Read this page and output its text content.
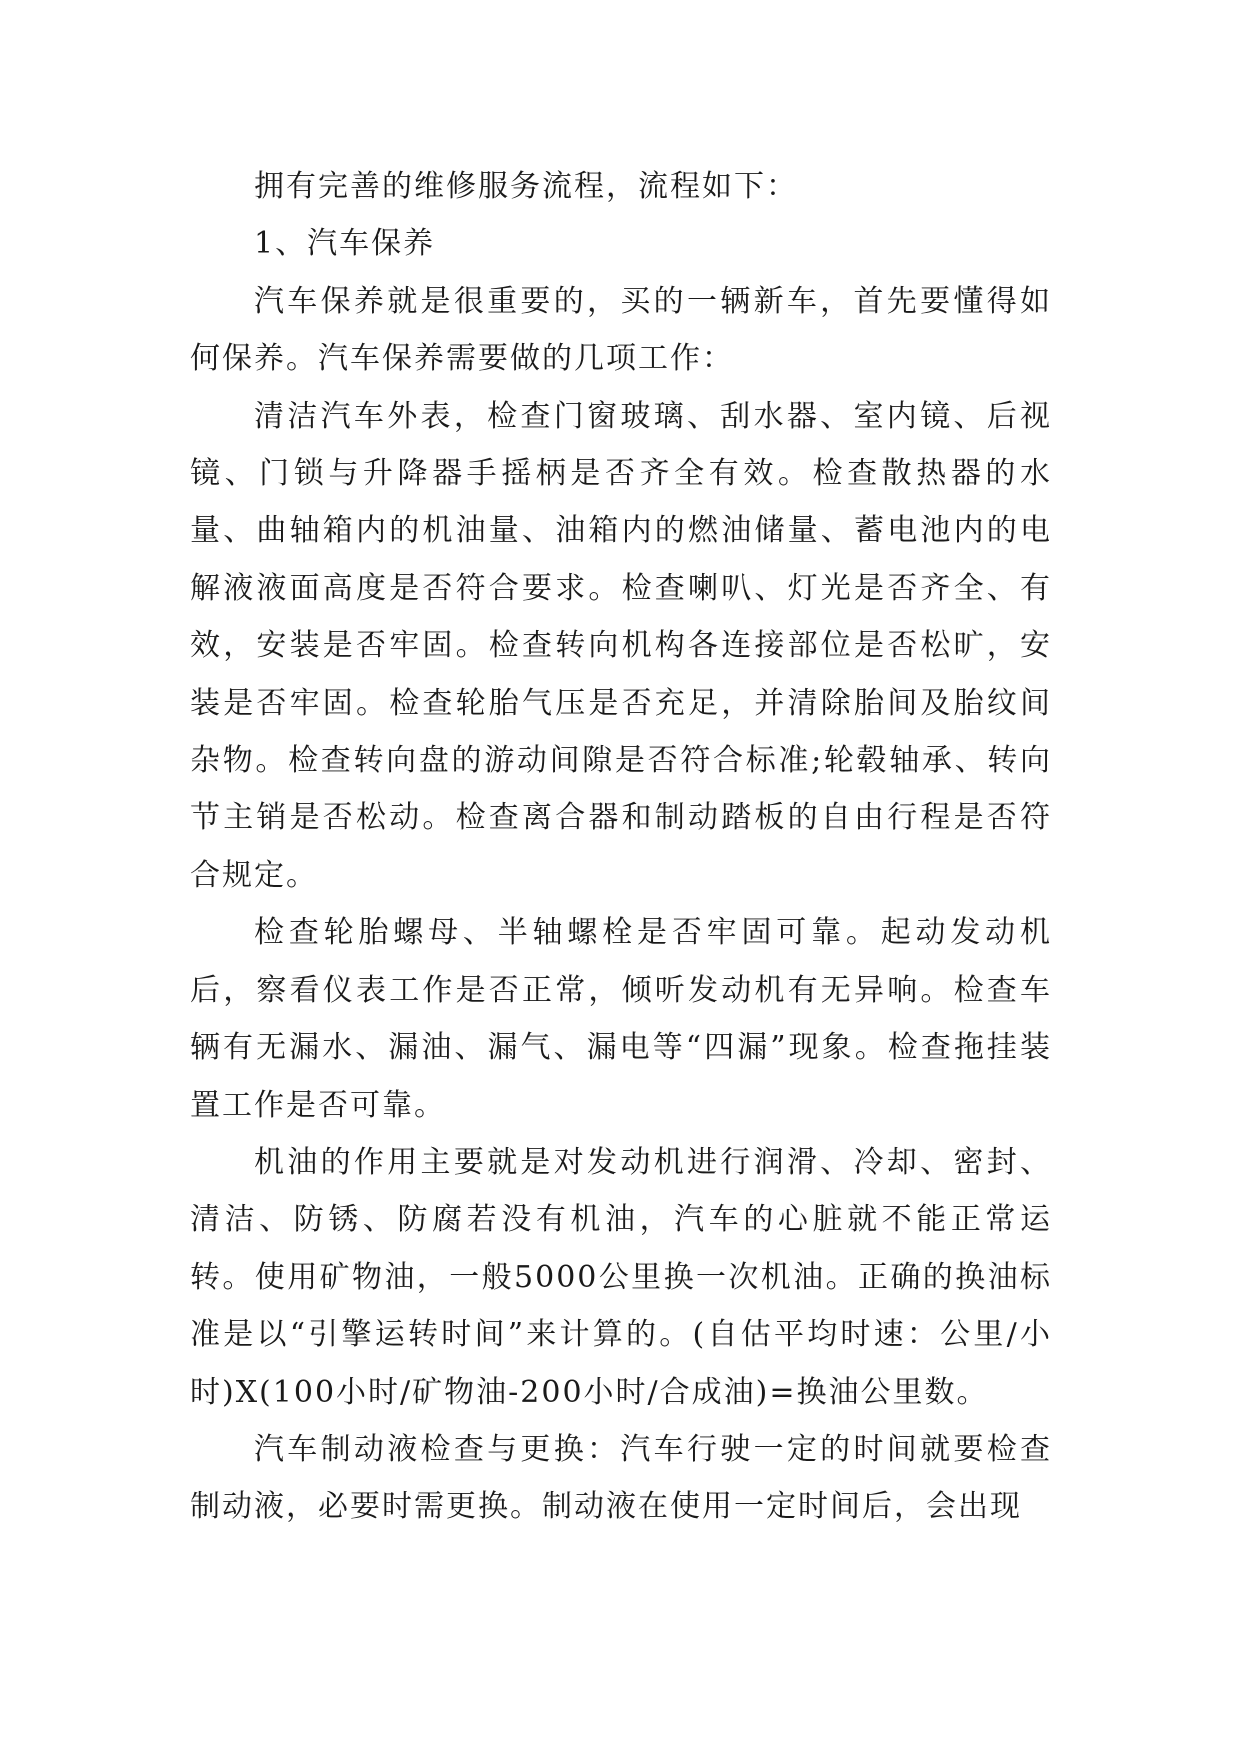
拥有完善的维修服务流程，流程如下：

1、汽车保养

汽车保养就是很重要的，买的一辆新车，首先要懂得如何保养。汽车保养需要做的几项工作：

清洁汽车外表，检查门窗玻璃、刮水器、室内镜、后视镜、门锁与升降器手摇柄是否齐全有效。检查散热器的水量、曲轴箱内的机油量、油箱内的燃油储量、蓄电池内的电解液液面高度是否符合要求。检查喇叭、灯光是否齐全、有效，安装是否牢固。检查转向机构各连接部位是否松旷，安装是否牢固。检查轮胎气压是否充足，并清除胎间及胎纹间杂物。检查转向盘的游动间隙是否符合标准;轮毂轴承、转向节主销是否松动。检查离合器和制动踏板的自由行程是否符合规定。

检查轮胎螺母、半轴螺栓是否牢固可靠。起动发动机后，察看仪表工作是否正常，倾听发动机有无异响。检查车辆有无漏水、漏油、漏气、漏电等“四漏”现象。检查拖挂装置工作是否可靠。

机油的作用主要就是对发动机进行润滑、冷却、密封、清洁、防锈、防腐若没有机油，汽车的心脏就不能正常运转。使用矿物油，一般5000公里换一次机油。正确的换油标准是以“引擎运转时间”来计算的。(自估平均时速：公里/小时)X(100小时/矿物油-200小时/合成油)=换油公里数。

汽车制动液检查与更换：汽车行驶一定的时间就要检查制动液，必要时需更换。制动液在使用一定时间后，会出现
